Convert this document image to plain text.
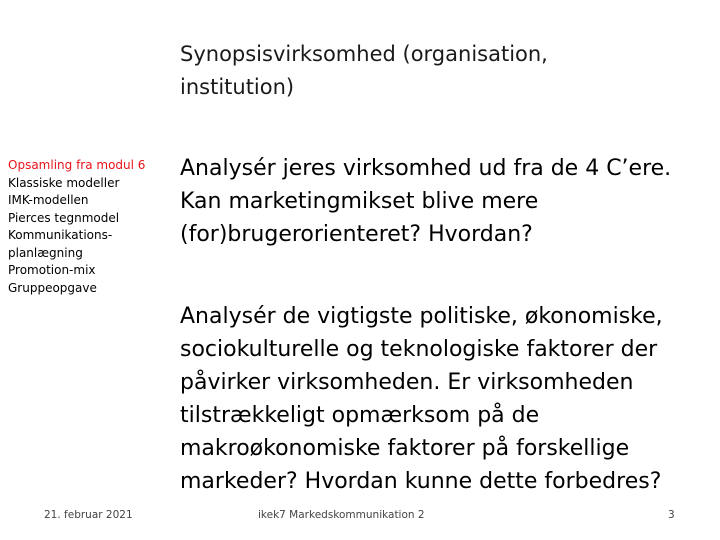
Synopsisvirksomhed (organisation,
institution)
Opsamling fra modul 6
Klassiske modeller
IMK-modellen
Pierces tegnmodel
Kommunikations-
planlægning
Promotion-mix
Gruppeopgave
Analysér jeres virksomhed ud fra de 4 C’ere.
Kan marketingmikset blive mere
(for)brugerorienteret? Hvordan?
Analysér de vigtigste politiske, økonomiske,
sociokulturelle og teknologiske faktorer der
påvirker virksomheden. Er virksomheden
tilstrækkeligt opmærksom på de
makroøkonomiske faktorer på forskellige
markeder? Hvordan kunne dette forbedres?
21. februar 2021	ikek7 Markedskommunikation 2	3
